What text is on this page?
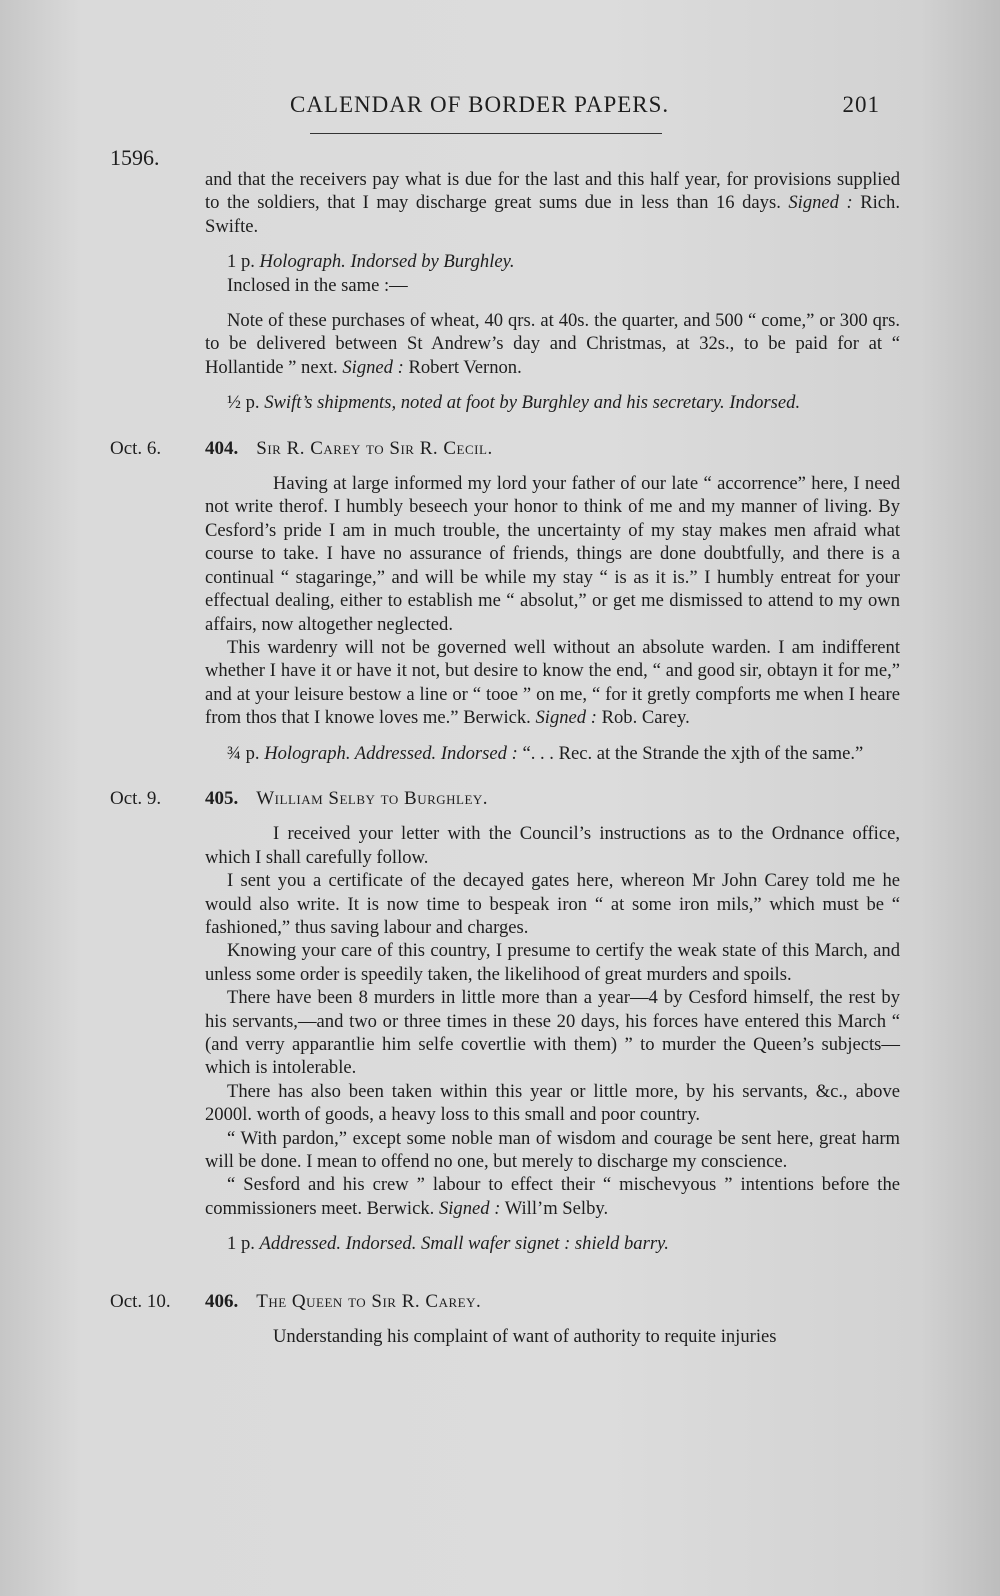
CALENDAR OF BORDER PAPERS.	201
1596.

and that the receivers pay what is due for the last and this half year, for provisions supplied to the soldiers, that I may discharge great sums due in less than 16 days. Signed : Rich. Swifte.

1 p. Holograph. Indorsed by Burghley.

Inclosed in the same :—

Note of these purchases of wheat, 40 qrs. at 40s. the quarter, and 500 “ come,” or 300 qrs. to be delivered between St Andrew’s day and Christmas, at 32s., to be paid for at “ Hollantide ” next. Signed : Robert Vernon.

½ p. Swift’s shipments, noted at foot by Burghley and his secretary. Indorsed.

Oct. 6. 404. Sir R. Carey to Sir R. Cecil.

Having at large informed my lord your father of our late “ accorrence” here, I need not write therof. I humbly beseech your honor to think of me and my manner of living. By Cesford’s pride I am in much trouble, the uncertainty of my stay makes men afraid what course to take. I have no assurance of friends, things are done doubtfully, and there is a continual “ stagaringe,” and will be while my stay “ is as it is.” I humbly entreat for your effectual dealing, either to establish me “ absolut,” or get me dismissed to attend to my own affairs, now altogether neglected.

This wardenry will not be governed well without an absolute warden. I am indifferent whether I have it or have it not, but desire to know the end, “ and good sir, obtayn it for me,” and at your leisure bestow a line or “ tooe ” on me, “ for it gretly compforts me when I heare from thos that I knowe loves me.” Berwick. Signed : Rob. Carey.

¾ p. Holograph. Addressed. Indorsed : “. . . Rec. at the Strande the xjth of the same.”

Oct. 9. 405. William Selby to Burghley.

I received your letter with the Council’s instructions as to the Ordnance office, which I shall carefully follow.

I sent you a certificate of the decayed gates here, whereon Mr John Carey told me he would also write. It is now time to bespeak iron “ at some iron mils,” which must be “ fashioned,” thus saving labour and charges.

Knowing your care of this country, I presume to certify the weak state of this March, and unless some order is speedily taken, the likelihood of great murders and spoils.

There have been 8 murders in little more than a year—4 by Cesford himself, the rest by his servants,—and two or three times in these 20 days, his forces have entered this March “ (and verry apparantlie him selfe covertlie with them) ” to murder the Queen’s subjects—which is intolerable.

There has also been taken within this year or little more, by his servants, &c., above 2000l. worth of goods, a heavy loss to this small and poor country.

“ With pardon,” except some noble man of wisdom and courage be sent here, great harm will be done. I mean to offend no one, but merely to discharge my conscience.

“ Sesford and his crew ” labour to effect their “ mischevyous ” intentions before the commissioners meet. Berwick. Signed : Will’m Selby.

1 p. Addressed. Indorsed. Small wafer signet : shield barry.

Oct. 10. 406. The Queen to Sir R. Carey.

Understanding his complaint of want of authority to requite injuries
